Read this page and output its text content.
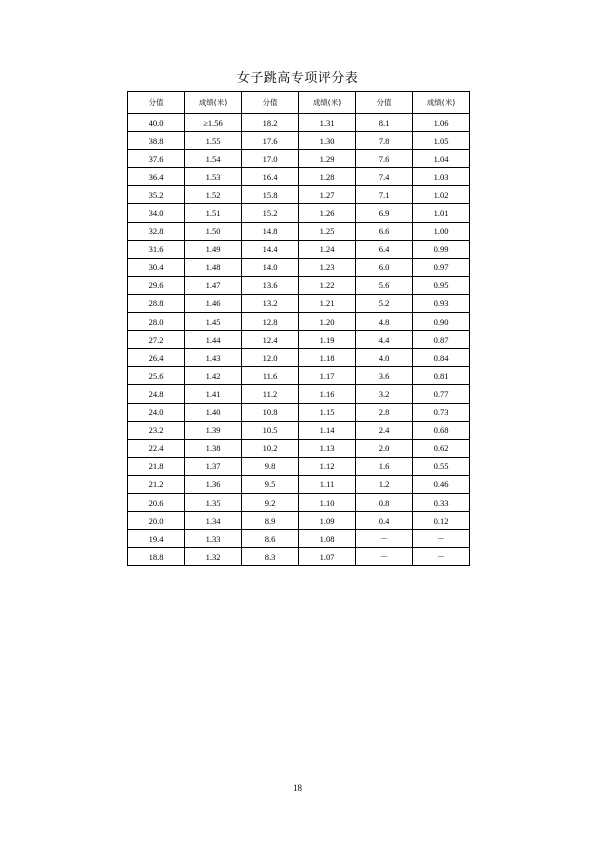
女子跳高专项评分表
分值	成绩(米)	分值	成绩(米)	分值	成绩(米)
40.0	≥1.56	18.2	1.31	8.1	1.06
38.8	1.55	17.6	1.30	7.8	1.05
37.6	1.54	17.0	1.29	7.6	1.04
36.4	1.53	16.4	1.28	7.4	1.03
35.2	1.52	15.8	1.27	7.1	1.02
34.0	1.51	15.2	1.26	6.9	1.01
32.8	1.50	14.8	1.25	6.6	1.00
31.6	1.49	14.4	1.24	6.4	0.99
30.4	1.48	14.0	1.23	6.0	0.97
29.6	1.47	13.6	1.22	5.6	0.95
28.8	1.46	13.2	1.21	5.2	0.93
28.0	1.45	12.8	1.20	4.8	0.90
27.2	1.44	12.4	1.19	4.4	0.87
26.4	1.43	12.0	1.18	4.0	0.84
25.6	1.42	11.6	1.17	3.6	0.81
24.8	1.41	11.2	1.16	3.2	0.77
24.0	1.40	10.8	1.15	2.8	0.73
23.2	1.39	10.5	1.14	2.4	0.68
22.4	1.38	10.2	1.13	2.0	0.62
21.8	1.37	9.8	1.12	1.6	0.55
21.2	1.36	9.5	1.11	1.2	0.46
20.6	1.35	9.2	1.10	0.8	0.33
20.0	1.34	8.9	1.09	0.4	0.12
19.4	1.33	8.6	1.08	－	－
18.8	1.32	8.3	1.07	－	－
18
